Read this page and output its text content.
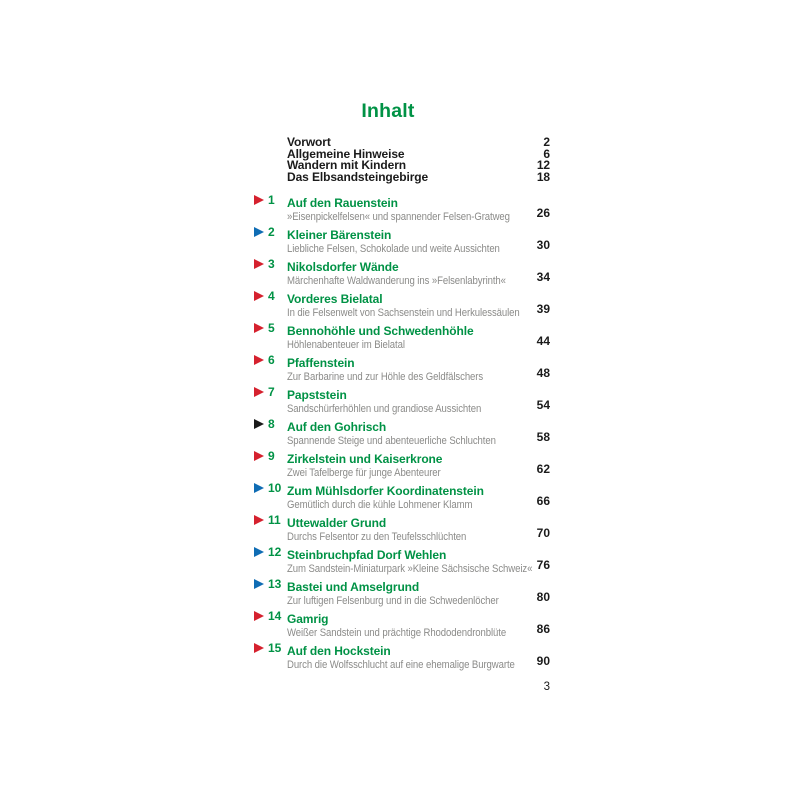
Inhalt
Vorwort	2
Allgemeine Hinweise	6
Wandern mit Kindern	12
Das Elbsandsteingebirge	18
1 Auf den Rauenstein
»Eisenpickelfelsen« und spannender Felsen-Gratweg 26
2 Kleiner Bärenstein
Liebliche Felsen, Schokolade und weite Aussichten	30
3 Nikolsdorfer Wände
Märchenhafte Waldwanderung ins »Felsenlabyrinth«	34
4 Vorderes Bielatal
In die Felsenwelt von Sachsenstein und Herkulessäulen 39
5 Bennohöhle und Schwedenhöhle
Höhlenabenteuer im Bielatal	44
6 Pfaffenstein
Zur Barbarine und zur Höhle des Geldfälschers	48
7 Papststein
Sandschürferhöhlen und grandiose Aussichten	54
8 Auf den Gohrisch
Spannende Steige und abenteuerliche Schluchten	58
9 Zirkelstein und Kaiserkrone
Zwei Tafelberge für junge Abenteurer	62
10 Zum Mühlsdorfer Koordinatenstein
Gemütlich durch die kühle Lohmener Klamm	66
11 Uttewalder Grund
Durchs Felsentor zu den Teufelsschlüchten	70
12 Steinbruchpfad Dorf Wehlen
Zum Sandstein-Miniaturpark »Kleine Sächsische Schweiz« 76
13 Bastei und Amselgrund
Zur luftigen Felsenburg und in die Schwedenlöcher	80
14 Gamrig
Weißer Sandstein und prächtige Rhododendronblüte	86
15 Auf den Hockstein
Durch die Wolfsschlucht auf eine ehemalige Burgwarte 90
3
